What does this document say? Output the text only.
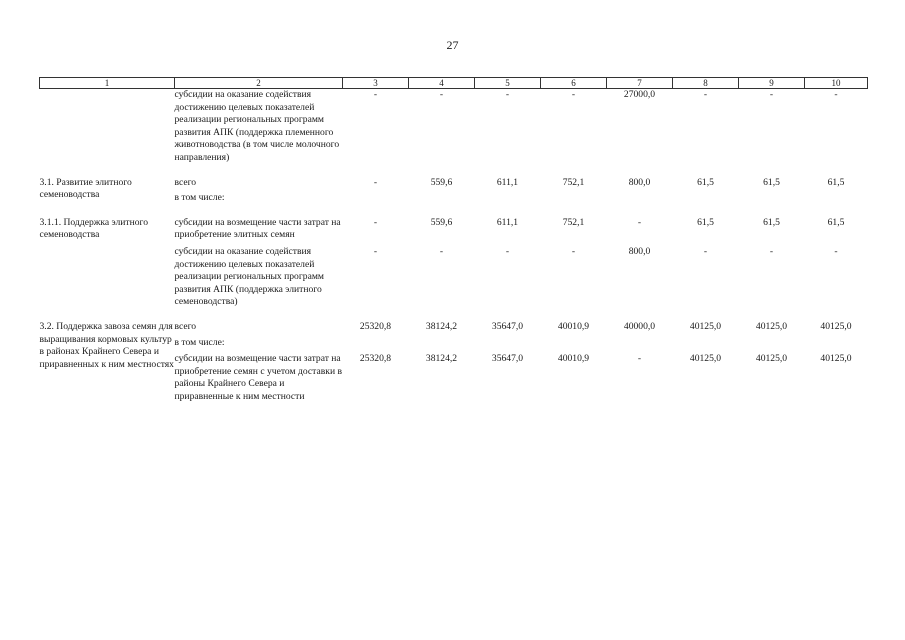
27
1	2	3	4	5	6	7	8	9	10
	субсидии на оказание содействия достижению целевых показателей реализации региональных программ развития АПК (поддержка племенного животноводства (в том числе молочного направления)	-	-	-	-	27000,0	-	-	-

3.1. Развитие элитного семеноводства	всего	-	559,6	611,1	752,1	800,0	61,5	61,5	61,5
	в том числе:								

3.1.1. Поддержка элитного семеноводства	субсидии на возмещение части затрат на приобретение элитных семян	-	559,6	611,1	752,1	-	61,5	61,5	61,5

	субсидии на оказание содействия достижению целевых показателей реализации региональных программ развития АПК (поддержка элитного семеноводства)	-	-	-	-	800,0	-	-	-

3.2. Поддержка завоза семян для выращивания кормовых культур в районах Крайнего Севера и приравненных к ним местностях	всего	25320,8	38124,2	35647,0	40010,9	40000,0	40125,0	40125,0	40125,0
	в том числе:								
	субсидии на возмещение части затрат на приобретение семян с учетом доставки в районы Крайнего Севера и приравненные к ним местности	25320,8	38124,2	35647,0	40010,9	-	40125,0	40125,0	40125,0
